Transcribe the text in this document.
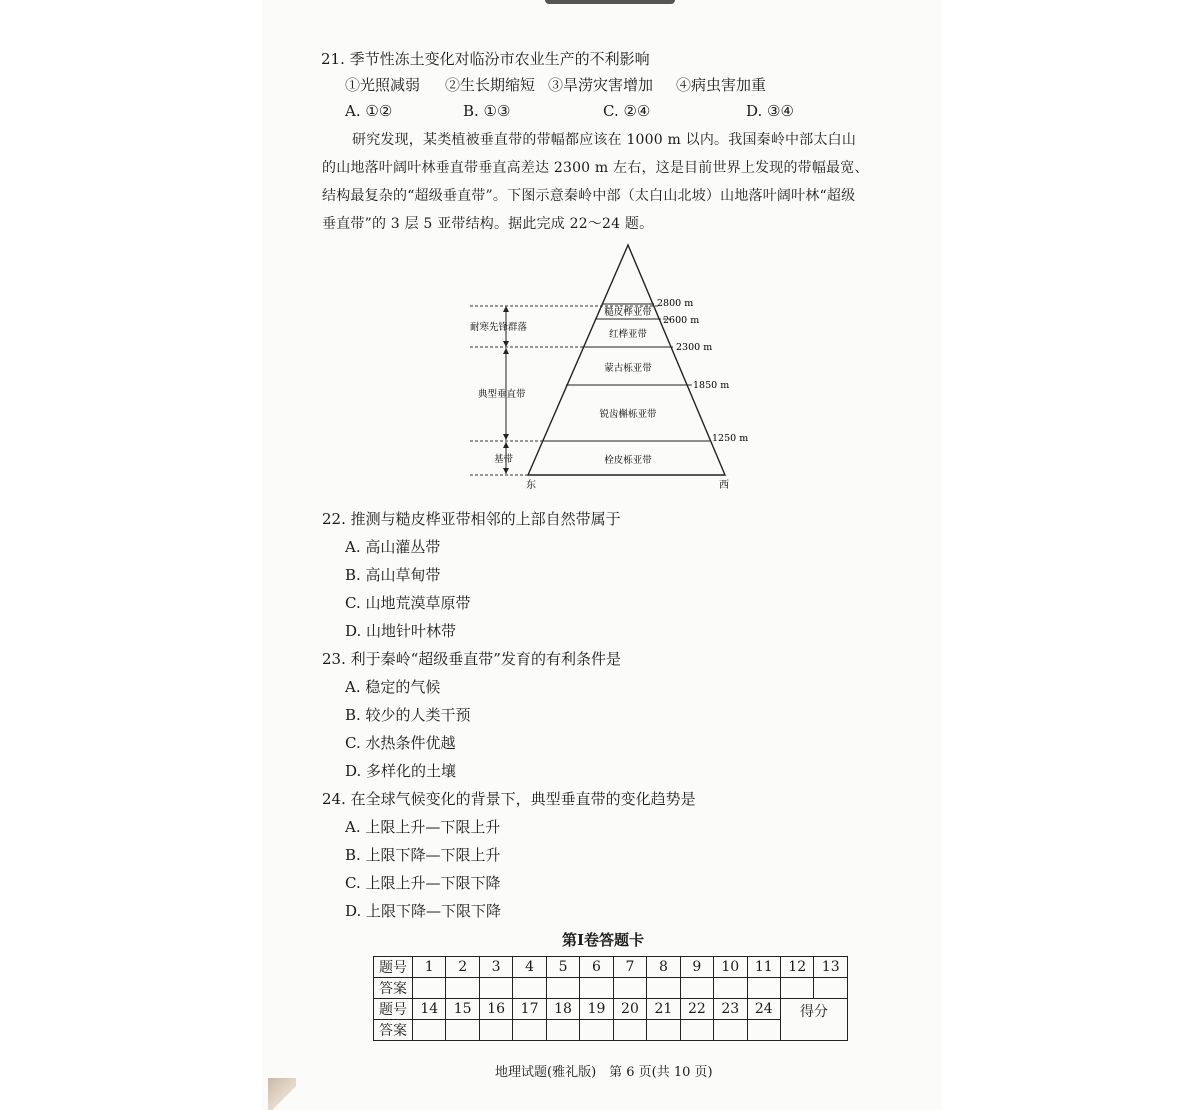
21. 季节性冻土变化对临汾市农业生产的不利影响
①光照减弱 ②生长期缩短 ③旱涝灾害增加 ④病虫害加重
A. ①②	B. ①③	C. ②④	D. ③④
研究发现，某类植被垂直带的带幅都应该在 1000 m 以内。我国秦岭中部太白山
的山地落叶阔叶林垂直带垂直高差达 2300 m 左右，这是目前世界上发现的带幅最宽、
结构最复杂的“超级垂直带”。下图示意秦岭中部（太白山北坡）山地落叶阔叶林“超级
垂直带”的 3 层 5 亚带结构。据此完成 22～24 题。
糙皮桦亚带
红桦亚带
蒙古栎亚带
锐齿槲栎亚带
栓皮栎亚带
2800 m
2600 m
2300 m
1850 m
1250 m
耐寒先锋群落
典型垂直带
基带
东	西
22. 推测与糙皮桦亚带相邻的上部自然带属于
A. 高山灌丛带
B. 高山草甸带
C. 山地荒漠草原带
D. 山地针叶林带
23. 利于秦岭“超级垂直带”发育的有利条件是
A. 稳定的气候
B. 较少的人类干预
C. 水热条件优越
D. 多样化的土壤
24. 在全球气候变化的背景下，典型垂直带的变化趋势是
A. 上限上升—下限上升
B. 上限下降—下限上升
C. 上限上升—下限下降
D. 上限下降—下限下降
第Ⅰ卷答题卡
题号	1	2	3	4	5	6	7	8	9	10	11	12	13
答案													
题号	14	15	16	17	18	19	20	21	22	23	24	得分	
答案													
地理试题(雅礼版)　第 6 页(共 10 页)
